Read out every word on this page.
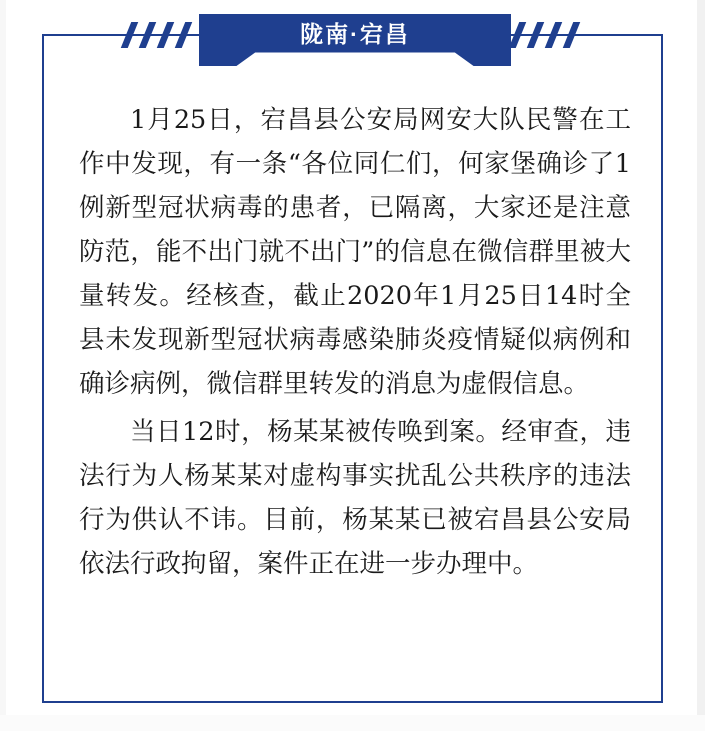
陇南·宕昌

1月25日，宕昌县公安局网安大队民警在工作中发现，有一条“各位同仁们，何家堡确诊了1例新型冠状病毒的患者，已隔离，大家还是注意防范，能不出门就不出门”的信息在微信群里被大量转发。经核查，截止2020年1月25日14时全县未发现新型冠状病毒感染肺炎疫情疑似病例和确诊病例，微信群里转发的消息为虚假信息。

当日12时，杨某某被传唤到案。经审查，违法行为人杨某某对虚构事实扰乱公共秩序的违法行为供认不讳。目前，杨某某已被宕昌县公安局依法行政拘留，案件正在进一步办理中。
